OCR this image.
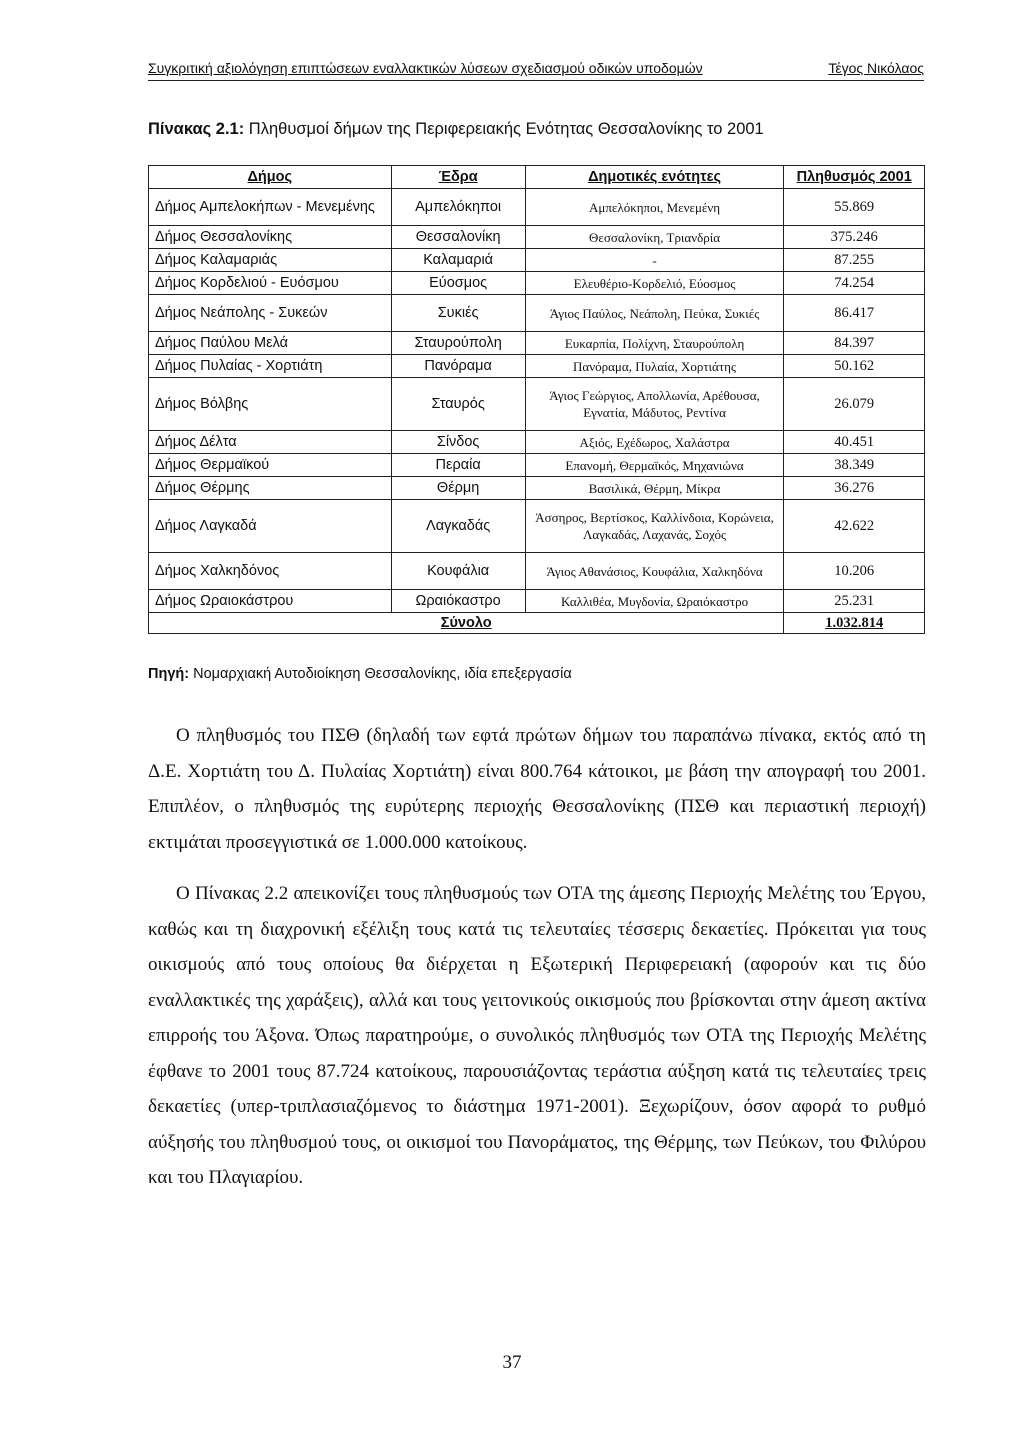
Συγκριτική αξιολόγηση επιπτώσεων εναλλακτικών λύσεων σχεδιασμού οδικών υποδομών	Τέγος Νικόλαος
Πίνακας 2.1: Πληθυσμοί δήμων της Περιφερειακής Ενότητας Θεσσαλονίκης το 2001
Δήμος	Έδρα	Δημοτικές ενότητες	Πληθυσμός 2001
Δήμος Αμπελοκήπων - Μενεμένης	Αμπελόκηποι	Αμπελόκηποι, Μενεμένη	55.869
Δήμος Θεσσαλονίκης	Θεσσαλονίκη	Θεσσαλονίκη, Τριανδρία	375.246
Δήμος Καλαμαριάς	Καλαμαριά	-	87.255
Δήμος Κορδελιού - Ευόσμου	Εύοσμος	Ελευθέριο-Κορδελιό, Εύοσμος	74.254
Δήμος Νεάπολης - Συκεών	Συκιές	Άγιος Παύλος, Νεάπολη, Πεύκα, Συκιές	86.417
Δήμος Παύλου Μελά	Σταυρούπολη	Ευκαρπία, Πολίχνη, Σταυρούπολη	84.397
Δήμος Πυλαίας - Χορτιάτη	Πανόραμα	Πανόραμα, Πυλαία, Χορτιάτης	50.162
Δήμος Βόλβης	Σταυρός	Άγιος Γεώργιος, Απολλωνία, Αρέθουσα, Εγνατία, Μάδυτος, Ρεντίνα	26.079
Δήμος Δέλτα	Σίνδος	Αξιός, Εχέδωρος, Χαλάστρα	40.451
Δήμος Θερμαϊκού	Περαία	Επανομή, Θερμαϊκός, Μηχανιώνα	38.349
Δήμος Θέρμης	Θέρμη	Βασιλικά, Θέρμη, Μίκρα	36.276
Δήμος Λαγκαδά	Λαγκαδάς	Άσσηρος, Βερτίσκος, Καλλίνδοια, Κορώνεια, Λαγκαδάς, Λαχανάς, Σοχός	42.622
Δήμος Χαλκηδόνος	Κουφάλια	Άγιος Αθανάσιος, Κουφάλια, Χαλκηδόνα	10.206
Δήμος Ωραιοκάστρου	Ωραιόκαστρο	Καλλιθέα, Μυγδονία, Ωραιόκαστρο	25.231
Σύνολο			1.032.814
Πηγή: Νομαρχιακή Αυτοδιοίκηση Θεσσαλονίκης, ιδία επεξεργασία

Ο πληθυσμός του ΠΣΘ (δηλαδή των εφτά πρώτων δήμων του παραπάνω πίνακα, εκτός από τη Δ.Ε. Χορτιάτη του Δ. Πυλαίας Χορτιάτη) είναι 800.764 κάτοικοι, με βάση την απογραφή του 2001. Επιπλέον, ο πληθυσμός της ευρύτερης περιοχής Θεσσαλονίκης (ΠΣΘ και περιαστική περιοχή) εκτιμάται προσεγγιστικά σε 1.000.000 κατοίκους.

Ο Πίνακας 2.2 απεικονίζει τους πληθυσμούς των ΟΤΑ της άμεσης Περιοχής Μελέτης του Έργου, καθώς και τη διαχρονική εξέλιξη τους κατά τις τελευταίες τέσσερις δεκαετίες. Πρόκειται για τους οικισμούς από τους οποίους θα διέρχεται η Εξωτερική Περιφερειακή (αφορούν και τις δύο εναλλακτικές της χαράξεις), αλλά και τους γειτονικούς οικισμούς που βρίσκονται στην άμεση ακτίνα επιρροής του Άξονα. Όπως παρατηρούμε, ο συνολικός πληθυσμός των ΟΤΑ της Περιοχής Μελέτης έφθανε το 2001 τους 87.724 κατοίκους, παρουσιάζοντας τεράστια αύξηση κατά τις τελευταίες τρεις δεκαετίες (υπερ-τριπλασιαζόμενος το διάστημα 1971-2001). Ξεχωρίζουν, όσον αφορά το ρυθμό αύξησής του πληθυσμού τους, οι οικισμοί του Πανοράματος, της Θέρμης, των Πεύκων, του Φιλύρου και του Πλαγιαρίου.

37
